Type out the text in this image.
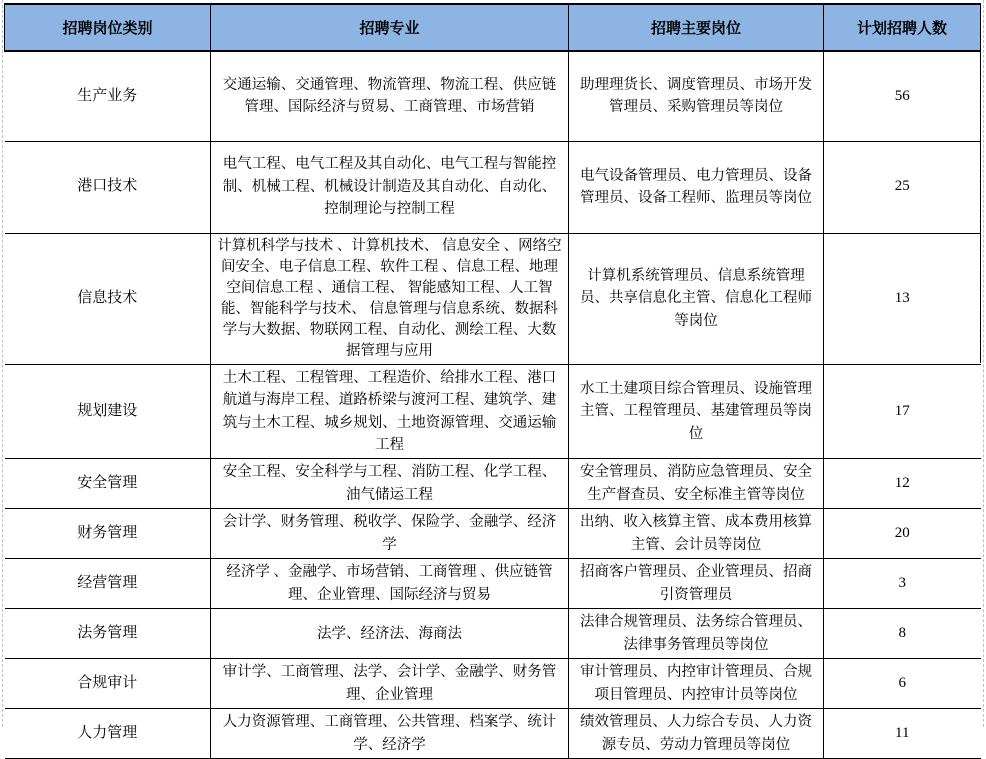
招聘岗位类别	招聘专业	招聘主要岗位	计划招聘人数
生产业务	交通运输、交通管理、物流管理、物流工程、供应链管理、国际经济与贸易、工商管理、市场营销	助理理货长、调度管理员、市场开发管理员、采购管理员等岗位	56
港口技术	电气工程、电气工程及其自动化、电气工程与智能控制、机械工程、机械设计制造及其自动化、自动化、控制理论与控制工程	电气设备管理员、电力管理员、设备管理员、设备工程师、监理员等岗位	25
信息技术	计算机科学与技术 、计算机技术、 信息安全 、网络空间安全、电子信息工程、软件工程 、信息工程、地理空间信息工程 、通信工程、 智能感知工程、人工智能、智能科学与技术、 信息管理与信息系统、数据科学与大数据、物联网工程、自动化、测绘工程、大数据管理与应用	计算机系统管理员、信息系统管理员、共享信息化主管、信息化工程师等岗位	13
规划建设	土木工程、工程管理、工程造价、给排水工程、港口航道与海岸工程、道路桥梁与渡河工程、建筑学、建筑与土木工程、城乡规划、土地资源管理、交通运输工程	水工土建项目综合管理员、设施管理主管、工程管理员、基建管理员等岗位	17
安全管理	安全工程、安全科学与工程、消防工程、化学工程、油气储运工程	安全管理员、消防应急管理员、安全生产督查员、安全标准主管等岗位	12
财务管理	会计学、财务管理、税收学、保险学、金融学、经济学	出纳、收入核算主管、成本费用核算主管、会计员等岗位	20
经营管理	经济学 、金融学、市场营销、工商管理 、供应链管理、企业管理、国际经济与贸易	招商客户管理员、企业管理员、招商引资管理员	3
法务管理	法学、经济法、海商法	法律合规管理员、法务综合管理员、法律事务管理员等岗位	8
合规审计	审计学、工商管理、法学、会计学、金融学、财务管理、企业管理	审计管理员、内控审计管理员、合规项目管理员、内控审计员等岗位	6
人力管理	人力资源管理、工商管理、公共管理、档案学、统计学、经济学	绩效管理员、人力综合专员、人力资源专员、劳动力管理员等岗位	11
